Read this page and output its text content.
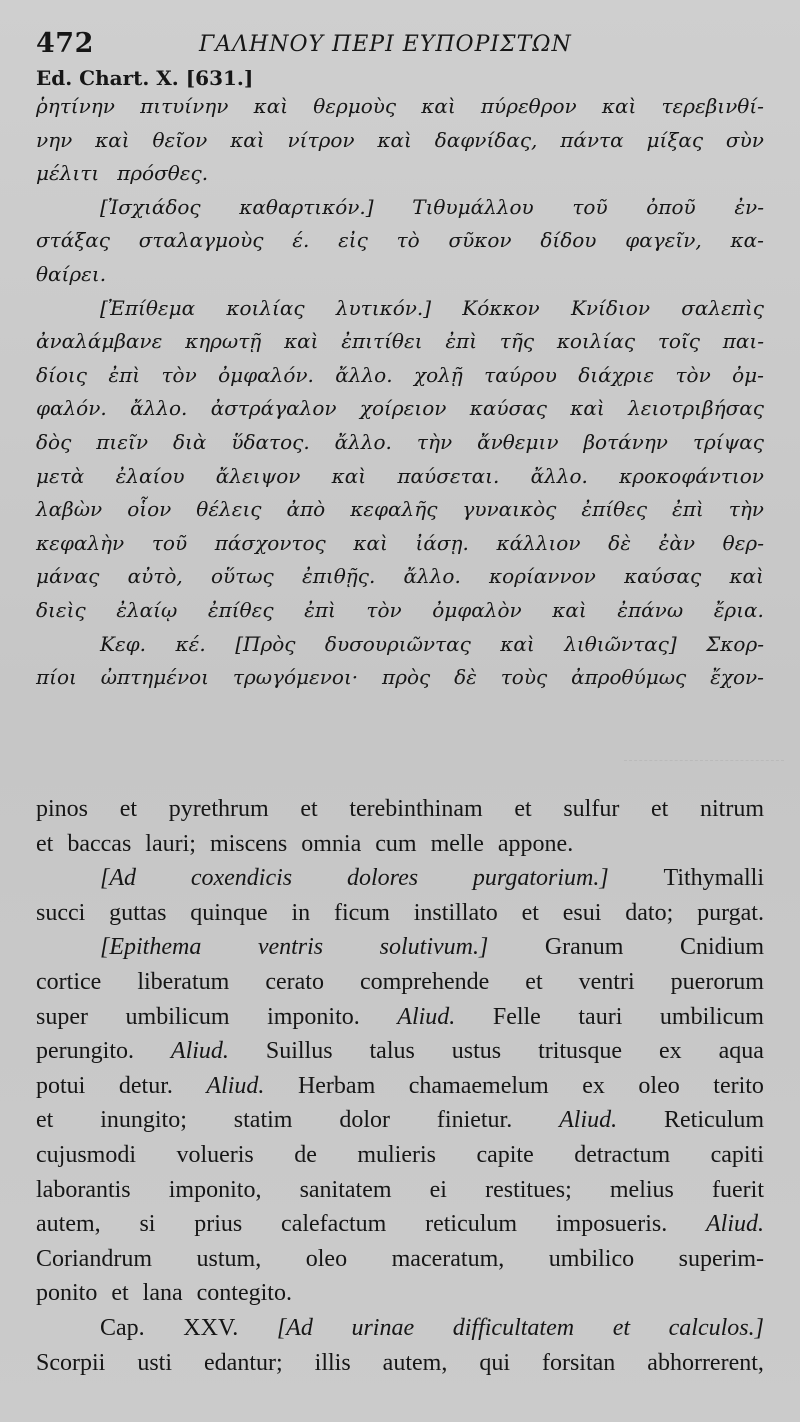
472	ΓΑΛΗΝΟΥ ΠΕΡΙ ΕΥΠΟΡΙΣΤΩΝ
Ed. Chart. X. [631.]
ῥητίνην πιτυίνην καὶ θερμοὺς καὶ πύρεθρον καὶ τερεβινθί-
νην καὶ θεῖον καὶ νίτρον καὶ δαφνίδας, πάντα μίξας σὺν
μέλιτι πρόσθες.
[Ἰσχιάδος καθαρτικόν.] Τιθυμάλλου τοῦ ὀποῦ ἐν-
στάξας σταλαγμοὺς έ. εἰς τὸ σῦκον δίδου φαγεῖν, κα-
θαίρει.
[Ἐπίθεμα κοιλίας λυτικόν.] Κόκκον Κνίδιον σαλεπὶς
ἀναλάμβανε κηρωτῇ καὶ ἐπιτίθει ἐπὶ τῆς κοιλίας τοῖς παι-
δίοις ἐπὶ τὸν ὀμφαλόν. ἄλλο. χολῇ ταύρου διάχριε τὸν ὀμ-
φαλόν. ἄλλο. ἀστράγαλον χοίρειον καύσας καὶ λειοτριβήσας
δὸς πιεῖν διὰ ὕδατος. ἄλλο. τὴν ἄνθεμιν βοτάνην τρίψας
μετὰ ἐλαίου ἄλειψον καὶ παύσεται. ἄλλο. κροκοφάντιον
λαβὼν οἷον θέλεις ἀπὸ κεφαλῆς γυναικὸς ἐπίθες ἐπὶ τὴν
κεφαλὴν τοῦ πάσχοντος καὶ ἰάσῃ. κάλλιον δὲ ἐὰν θερ-
μάνας αὐτὸ, οὕτως ἐπιθῇς. ἄλλο. κορίαννον καύσας καὶ
διεὶς ἐλαίῳ ἐπίθες ἐπὶ τὸν ὀμφαλὸν καὶ ἐπάνω ἔρια.
Κεφ. κέ. [Πρὸς δυσουριῶντας καὶ λιθιῶντας] Σκορ-
πίοι ὠπτημένοι τρωγόμενοι· πρὸς δὲ τοὺς ἀπροθύμως ἔχον-
pinos et pyrethrum et terebinthinam et sulfur et nitrum
et baccas lauri; miscens omnia cum melle appone.
[Ad coxendicis dolores purgatorium.] Tithymalli
succi guttas quinque in ficum instillato et esui dato; purgat.
[Epithema ventris solutivum.] Granum Cnidium
cortice liberatum cerato comprehende et ventri puerorum
super umbilicum imponito. Aliud. Felle tauri umbilicum
perungito. Aliud. Suillus talus ustus tritusque ex aqua
potui detur. Aliud. Herbam chamaemelum ex oleo terito
et inungito; statim dolor finietur. Aliud. Reticulum
cujusmodi volueris de mulieris capite detractum capiti
laborantis imponito, sanitatem ei restitues; melius fuerit
autem, si prius calefactum reticulum imposueris. Aliud.
Coriandrum ustum, oleo maceratum, umbilico superim-
ponito et lana contegito.
Cap. XXV. [Ad urinae difficultatem et calculos.]
Scorpii usti edantur; illis autem, qui forsitan abhorrerent,
